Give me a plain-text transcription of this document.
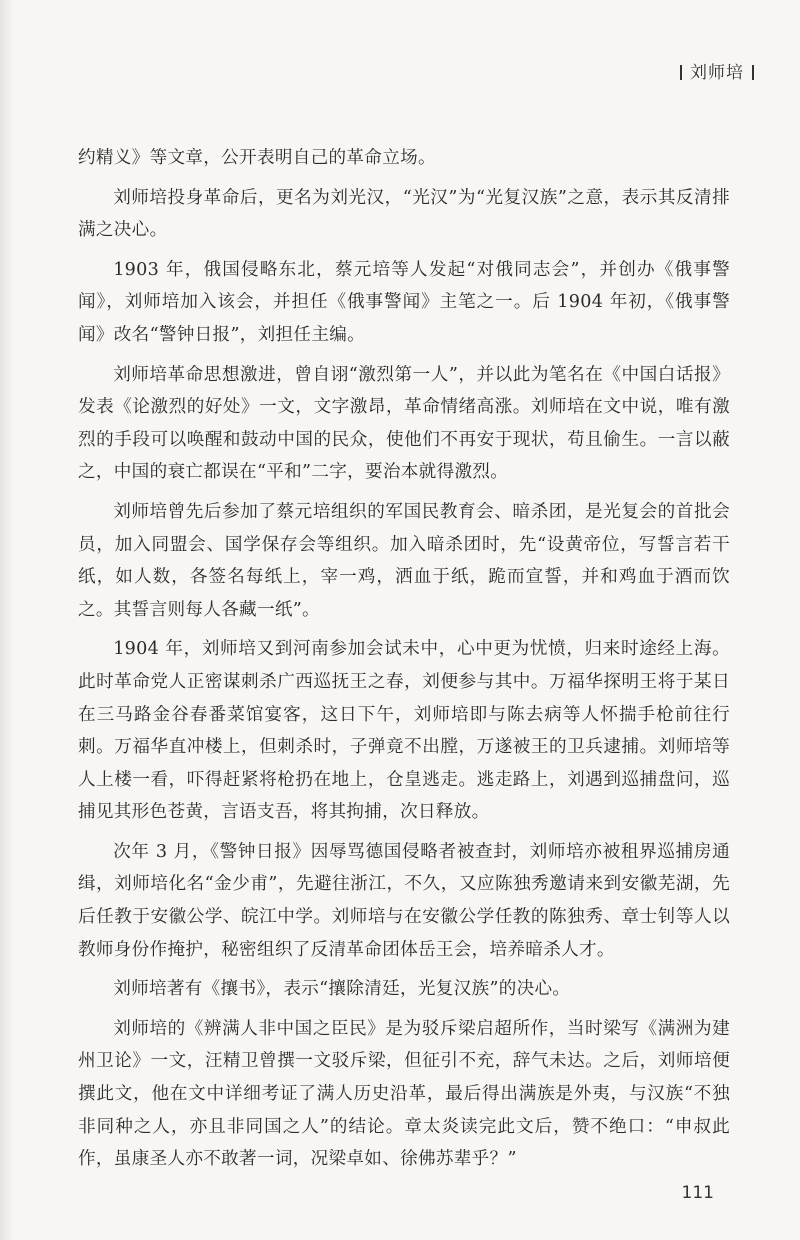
刘师培

约精义》等文章，公开表明自己的革命立场。

刘师培投身革命后，更名为刘光汉，“光汉”为“光复汉族”之意，表示其反清排满之决心。

1903 年，俄国侵略东北，蔡元培等人发起“对俄同志会”，并创办《俄事警闻》，刘师培加入该会，并担任《俄事警闻》主笔之一。后 1904 年初，《俄事警闻》改名“警钟日报”，刘担任主编。

刘师培革命思想激进，曾自诩“激烈第一人”，并以此为笔名在《中国白话报》发表《论激烈的好处》一文，文字激昂，革命情绪高涨。刘师培在文中说，唯有激烈的手段可以唤醒和鼓动中国的民众，使他们不再安于现状，苟且偷生。一言以蔽之，中国的衰亡都误在“平和”二字，要治本就得激烈。

刘师培曾先后参加了蔡元培组织的军国民教育会、暗杀团，是光复会的首批会员，加入同盟会、国学保存会等组织。加入暗杀团时，先“设黄帝位，写誓言若干纸，如人数，各签名每纸上，宰一鸡，洒血于纸，跪而宣誓，并和鸡血于酒而饮之。其誓言则每人各藏一纸”。

1904 年，刘师培又到河南参加会试未中，心中更为忧愤，归来时途经上海。此时革命党人正密谋刺杀广西巡抚王之春，刘便参与其中。万福华探明王将于某日在三马路金谷春番菜馆宴客，这日下午，刘师培即与陈去病等人怀揣手枪前往行刺。万福华直冲楼上，但刺杀时，子弹竟不出膛，万遂被王的卫兵逮捕。刘师培等人上楼一看，吓得赶紧将枪扔在地上，仓皇逃走。逃走路上，刘遇到巡捕盘问，巡捕见其形色苍黄，言语支吾，将其拘捕，次日释放。

次年 3 月，《警钟日报》因辱骂德国侵略者被查封，刘师培亦被租界巡捕房通缉，刘师培化名“金少甫”，先避往浙江，不久，又应陈独秀邀请来到安徽芜湖，先后任教于安徽公学、皖江中学。刘师培与在安徽公学任教的陈独秀、章士钊等人以教师身份作掩护，秘密组织了反清革命团体岳王会，培养暗杀人才。

刘师培著有《攘书》，表示“攘除清廷，光复汉族”的决心。

刘师培的《辨满人非中国之臣民》是为驳斥梁启超所作，当时梁写《满洲为建州卫论》一文，汪精卫曾撰一文驳斥梁，但征引不充，辞气未达。之后，刘师培便撰此文，他在文中详细考证了满人历史沿革，最后得出满族是外夷，与汉族“不独非同种之人，亦且非同国之人”的结论。章太炎读完此文后，赞不绝口：“申叔此作，虽康圣人亦不敢著一词，况梁卓如、徐佛苏辈乎？”

111
